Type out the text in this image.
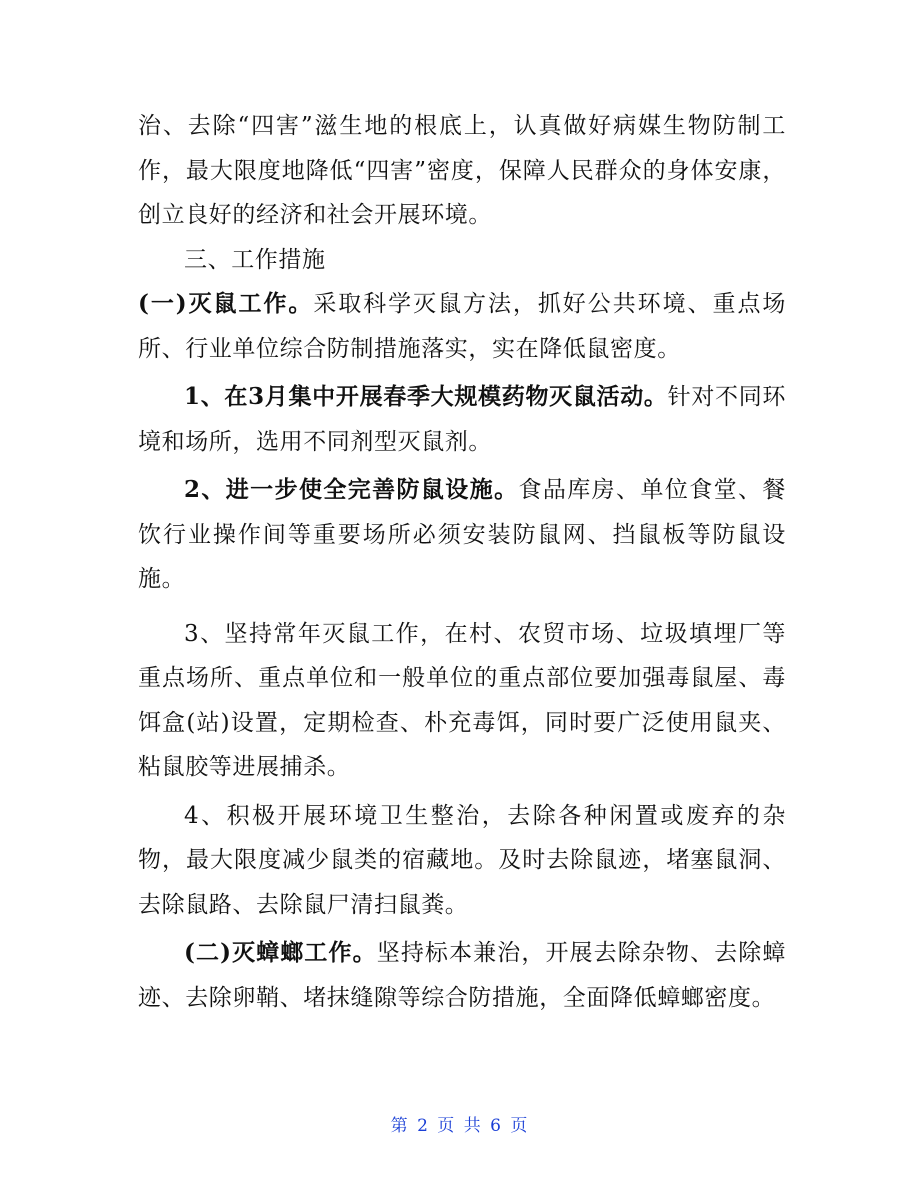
治、去除“四害”滋生地的根底上，认真做好病媒生物防制工作，最大限度地降低“四害”密度，保障人民群众的身体安康，创立良好的经济和社会开展环境。

三、工作措施

(一)灭鼠工作。采取科学灭鼠方法，抓好公共环境、重点场所、行业单位综合防制措施落实，实在降低鼠密度。

1、在3月集中开展春季大规模药物灭鼠活动。针对不同环境和场所，选用不同剂型灭鼠剂。

2、进一步使全完善防鼠设施。食品库房、单位食堂、餐饮行业操作间等重要场所必须安装防鼠网、挡鼠板等防鼠设施。

3、坚持常年灭鼠工作，在村、农贸市场、垃圾填埋厂等重点场所、重点单位和一般单位的重点部位要加强毒鼠屋、毒饵盒(站)设置，定期检查、朴充毒饵，同时要广泛使用鼠夹、粘鼠胶等进展捕杀。

4、积极开展环境卫生整治，去除各种闲置或废弃的杂物，最大限度减少鼠类的宿藏地。及时去除鼠迹，堵塞鼠洞、去除鼠路、去除鼠尸清扫鼠粪。

(二)灭蟑螂工作。坚持标本兼治，开展去除杂物、去除蟑迹、去除卵鞘、堵抹缝隙等综合防措施，全面降低蟑螂密度。

第 2 页 共 6 页
